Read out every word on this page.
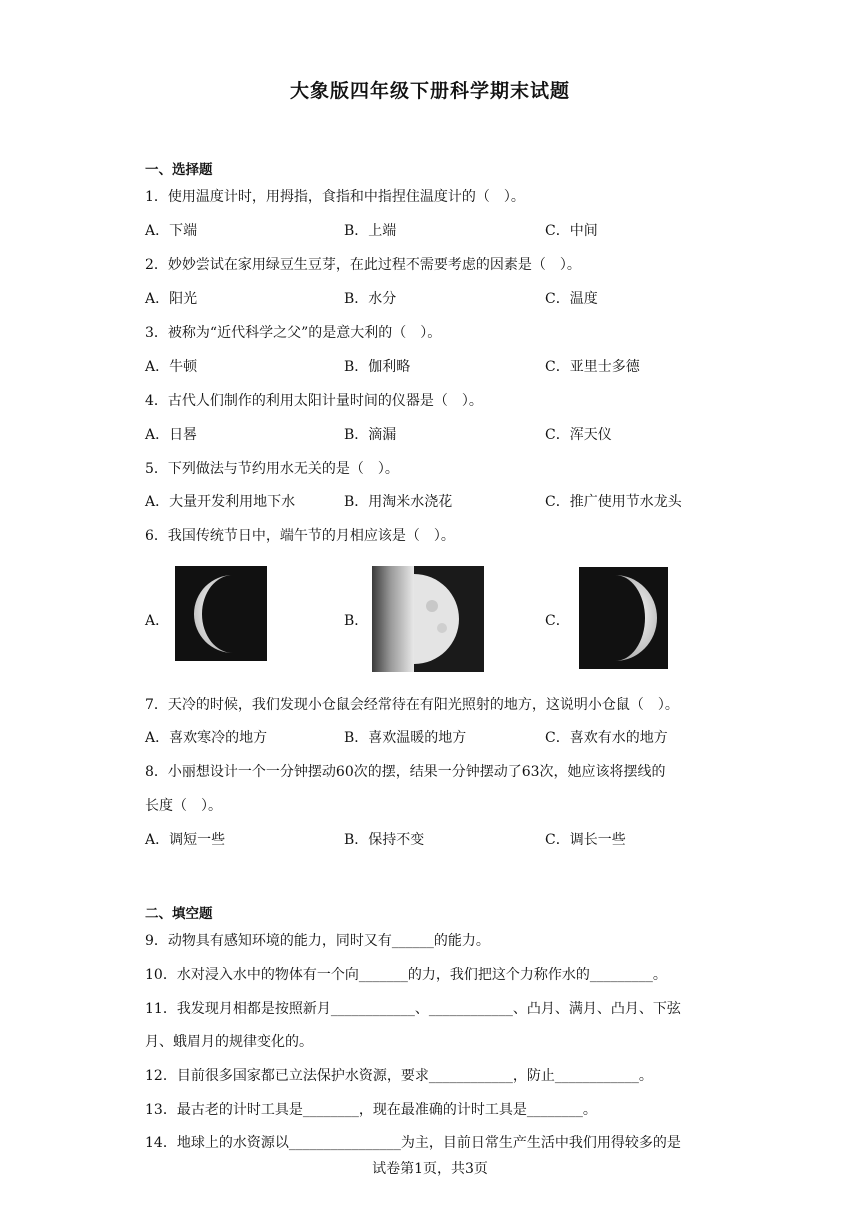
大象版四年级下册科学期末试题
一、选择题
1．使用温度计时，用拇指，食指和中指捏住温度计的（　）。
A．下端	B．上端	C．中间
2．妙妙尝试在家用绿豆生豆芽，在此过程不需要考虑的因素是（　）。
A．阳光	B．水分	C．温度
3．被称为“近代科学之父”的是意大利的（　）。
A．牛顿	B．伽利略	C．亚里士多德
4．古代人们制作的利用太阳计量时间的仪器是（　）。
A．日晷	B．滴漏	C．浑天仪
5．下列做法与节约用水无关的是（　）。
A．大量开发利用地下水	B．用淘米水浇花	C．推广使用节水龙头
6．我国传统节日中，端午节的月相应该是（　）。
A．	B．	C．
7．天冷的时候，我们发现小仓鼠会经常待在有阳光照射的地方，这说明小仓鼠（　）。
A．喜欢寒冷的地方	B．喜欢温暖的地方	C．喜欢有水的地方
8．小丽想设计一个一分钟摆动60次的摆，结果一分钟摆动了63次，她应该将摆线的
长度（　）。
A．调短一些	B．保持不变	C．调长一些
二、填空题
9．动物具有感知环境的能力，同时又有______的能力。
10．水对浸入水中的物体有一个向_______的力，我们把这个力称作水的_________。
11．我发现月相都是按照新月____________、____________、凸月、满月、凸月、下弦
月、蛾眉月的规律变化的。
12．目前很多国家都已立法保护水资源，要求____________，防止____________。
13．最古老的计时工具是________，现在最准确的计时工具是________。
14．地球上的水资源以________________为主，目前日常生产生活中我们用得较多的是
试卷第1页，共3页
